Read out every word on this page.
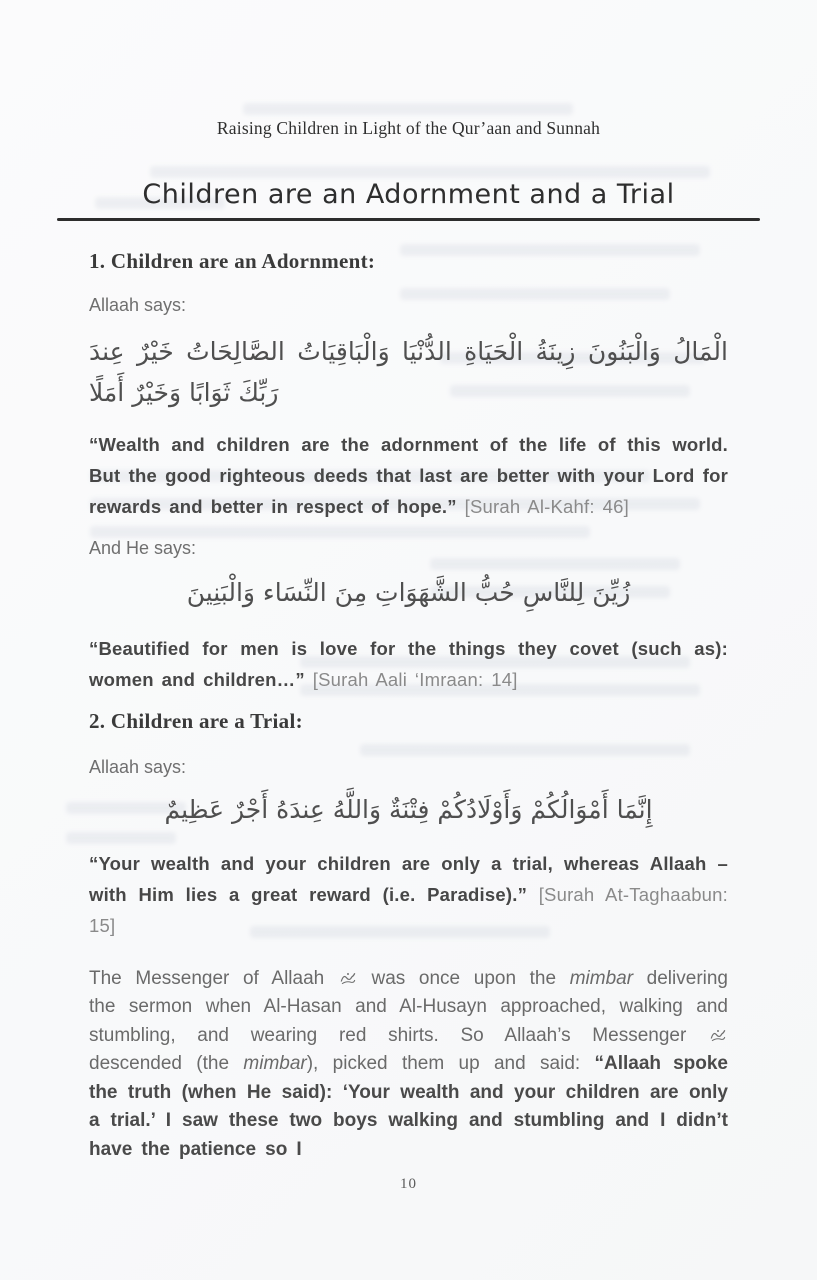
Raising Children in Light of the Qur’aan and Sunnah
Children are an Adornment and a Trial
1. Children are an Adornment:

Allaah says:

الْمَالُ وَالْبَنُونَ زِينَةُ الْحَيَاةِ الدُّنْيَا وَالْبَاقِيَاتُ الصَّالِحَاتُ خَيْرٌ عِندَ رَبِّكَ ثَوَابًا وَخَيْرٌ أَمَلًا

“Wealth and children are the adornment of the life of this world. But the good righteous deeds that last are better with your Lord for rewards and better in respect of hope.” [Surah Al-Kahf: 46]

And He says:

زُيِّنَ لِلنَّاسِ حُبُّ الشَّهَوَاتِ مِنَ النِّسَاء وَالْبَنِينَ

“Beautified for men is love for the things they covet (such as): women and children…” [Surah Aali ‘Imraan: 14]

2. Children are a Trial:

Allaah says:

إِنَّمَا أَمْوَالُكُمْ وَأَوْلَادُكُمْ فِتْنَةٌ وَاللَّهُ عِندَهُ أَجْرٌ عَظِيمٌ

“Your wealth and your children are only a trial, whereas Allaah – with Him lies a great reward (i.e. Paradise).” [Surah At-Taghaabun: 15]

The Messenger of Allaah  was once upon the mimbar delivering the sermon when Al-Hasan and Al-Husayn approached, walking and stumbling, and wearing red shirts. So Allaah’s Messenger  descended (the mimbar), picked them up and said: “Allaah spoke the truth (when He said): ‘Your wealth and your children are only a trial.’ I saw these two boys walking and stumbling and I didn’t have the patience so I

10
